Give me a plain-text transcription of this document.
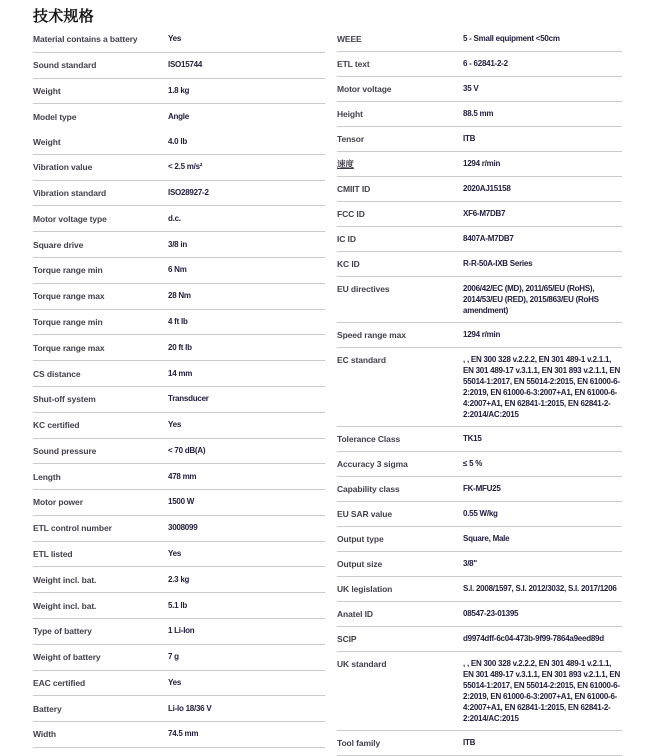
技术规格
Material contains a battery	Yes
Sound standard	ISO15744
Weight	1.8 kg
Model type	Angle
Weight	4.0 lb
Vibration value	< 2.5 m/s²
Vibration standard	ISO28927-2
Motor voltage type	d.c.
Square drive	3/8 in
Torque range min	6 Nm
Torque range max	28 Nm
Torque range min	4 ft lb
Torque range max	20 ft lb
CS distance	14 mm
Shut-off system	Transducer
KC certified	Yes
Sound pressure	< 70 dB(A)
Length	478 mm
Motor power	1500 W
ETL control number	3008099
ETL listed	Yes
Weight incl. bat.	2.3 kg
Weight incl. bat.	5.1 lb
Type of battery	1 Li-Ion
Weight of battery	7 g
EAC certified	Yes
Battery	Li-Io 18/36 V
Width	74.5 mm
WEEE	5 - Small equipment <50cm
ETL text	6 - 62841-2-2
Motor voltage	35 V
Height	88.5 mm
Tensor	ITB
速度	1294 r/min
CMIIT ID	2020AJ15158
FCC ID	XF6-M7DB7
IC ID	8407A-M7DB7
KC ID	R-R-50A-IXB Series
EU directives	2006/42/EC (MD), 2011/65/EU (RoHS), 2014/53/EU (RED), 2015/863/EU (RoHS amendment)
Speed range max	1294 r/min
EC standard	, , EN 300 328 v.2.2.2, EN 301 489-1 v.2.1.1, EN 301 489-17 v.3.1.1, EN 301 893 v.2.1.1, EN 55014-1:2017, EN 55014-2:2015, EN 61000-6-2:2019, EN 61000-6-3:2007+A1, EN 61000-6-4:2007+A1, EN 62841-1:2015, EN 62841-2-2:2014/AC:2015
Tolerance Class	TK15
Accuracy 3 sigma	≤ 5 %
Capability class	FK-MFU25
EU SAR value	0.55 W/kg
Output type	Square, Male
Output size	3/8"
UK legislation	S.I. 2008/1597, S.I. 2012/3032, S.I. 2017/1206
Anatel ID	08547-23-01395
SCIP	d9974dff-6c04-473b-9f99-7864a9eed89d
UK standard	, , EN 300 328 v.2.2.2, EN 301 489-1 v.2.1.1, EN 301 489-17 v.3.1.1, EN 301 893 v.2.1.1, EN 55014-1:2017, EN 55014-2:2015, EN 61000-6-2:2019, EN 61000-6-3:2007+A1, EN 61000-6-4:2007+A1, EN 62841-1:2015, EN 62841-2-2:2014/AC:2015
Tool family	ITB
